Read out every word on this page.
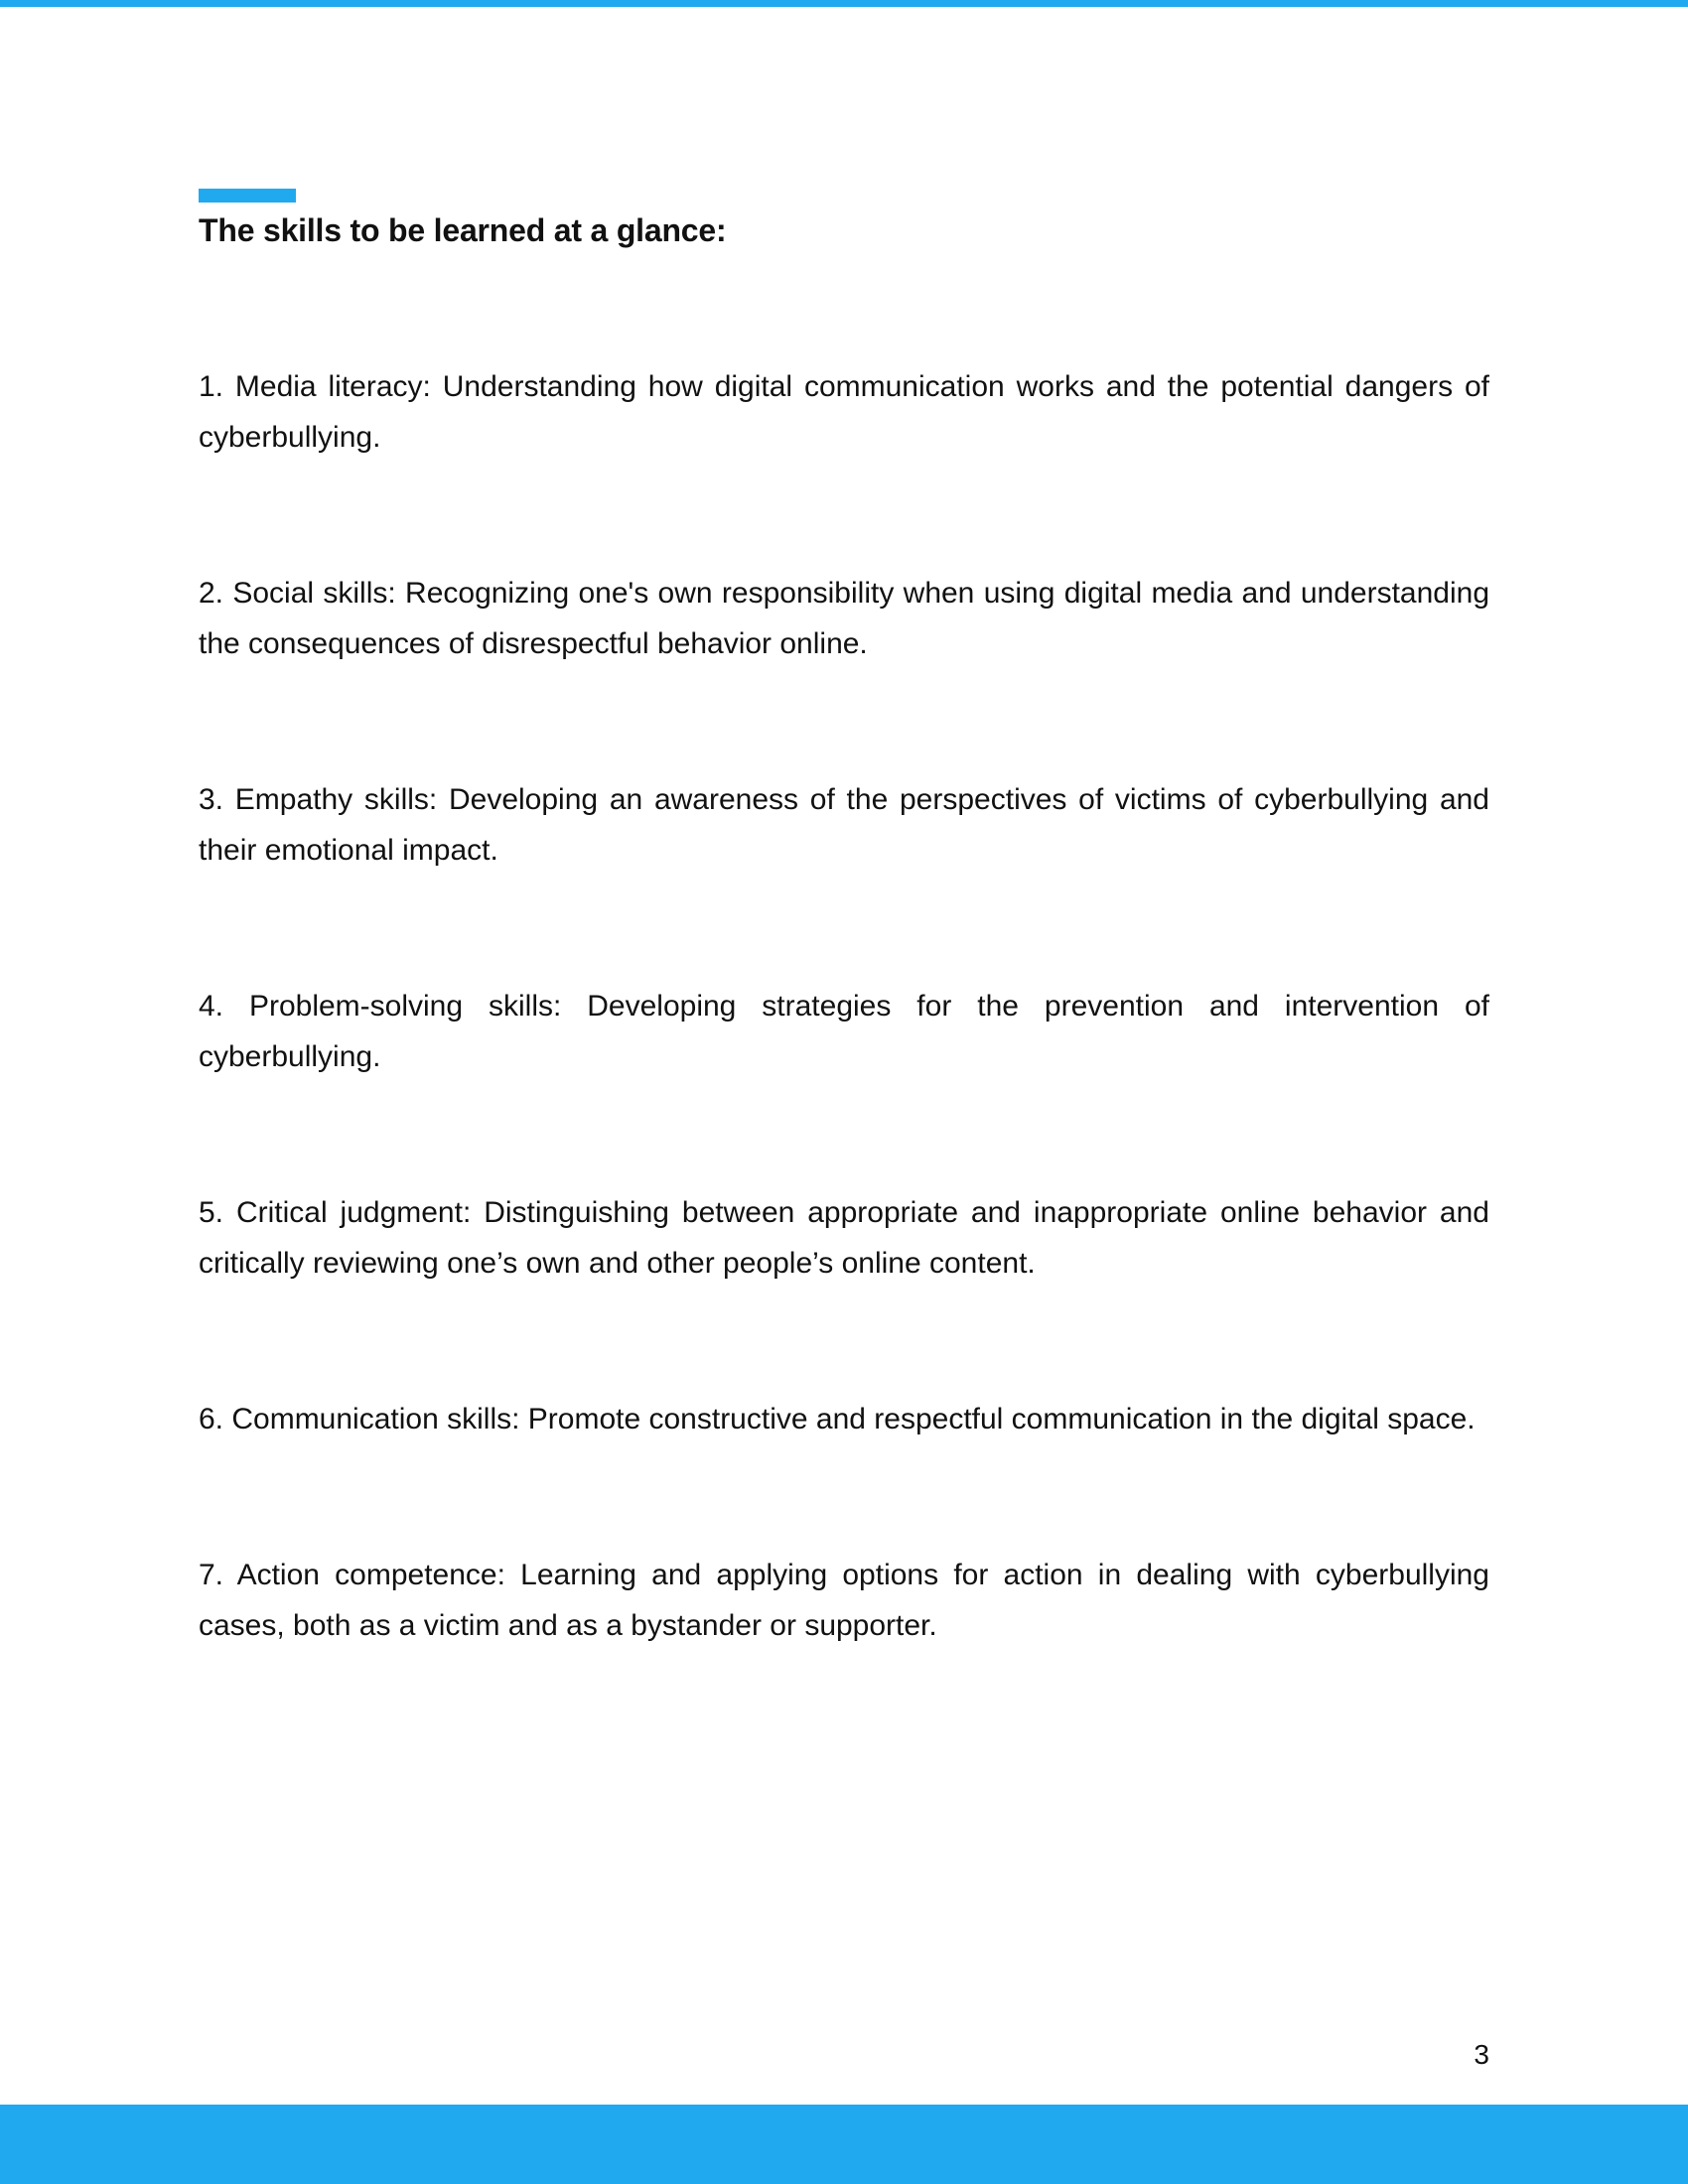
The skills to be learned at a glance:
1. Media literacy: Understanding how digital communication works and the potential dangers of cyberbullying.
2. Social skills: Recognizing one's own responsibility when using digital media and understanding the consequences of disrespectful behavior online.
3. Empathy skills: Developing an awareness of the perspectives of victims of cyberbullying and their emotional impact.
4. Problem-solving skills: Developing strategies for the prevention and intervention of cyberbullying.
5. Critical judgment: Distinguishing between appropriate and inappropriate online behavior and critically reviewing one’s own and other people’s online content.
6. Communication skills: Promote constructive and respectful communication in the digital space.
7. Action competence: Learning and applying options for action in dealing with cyberbullying cases, both as a victim and as a bystander or supporter.
3
